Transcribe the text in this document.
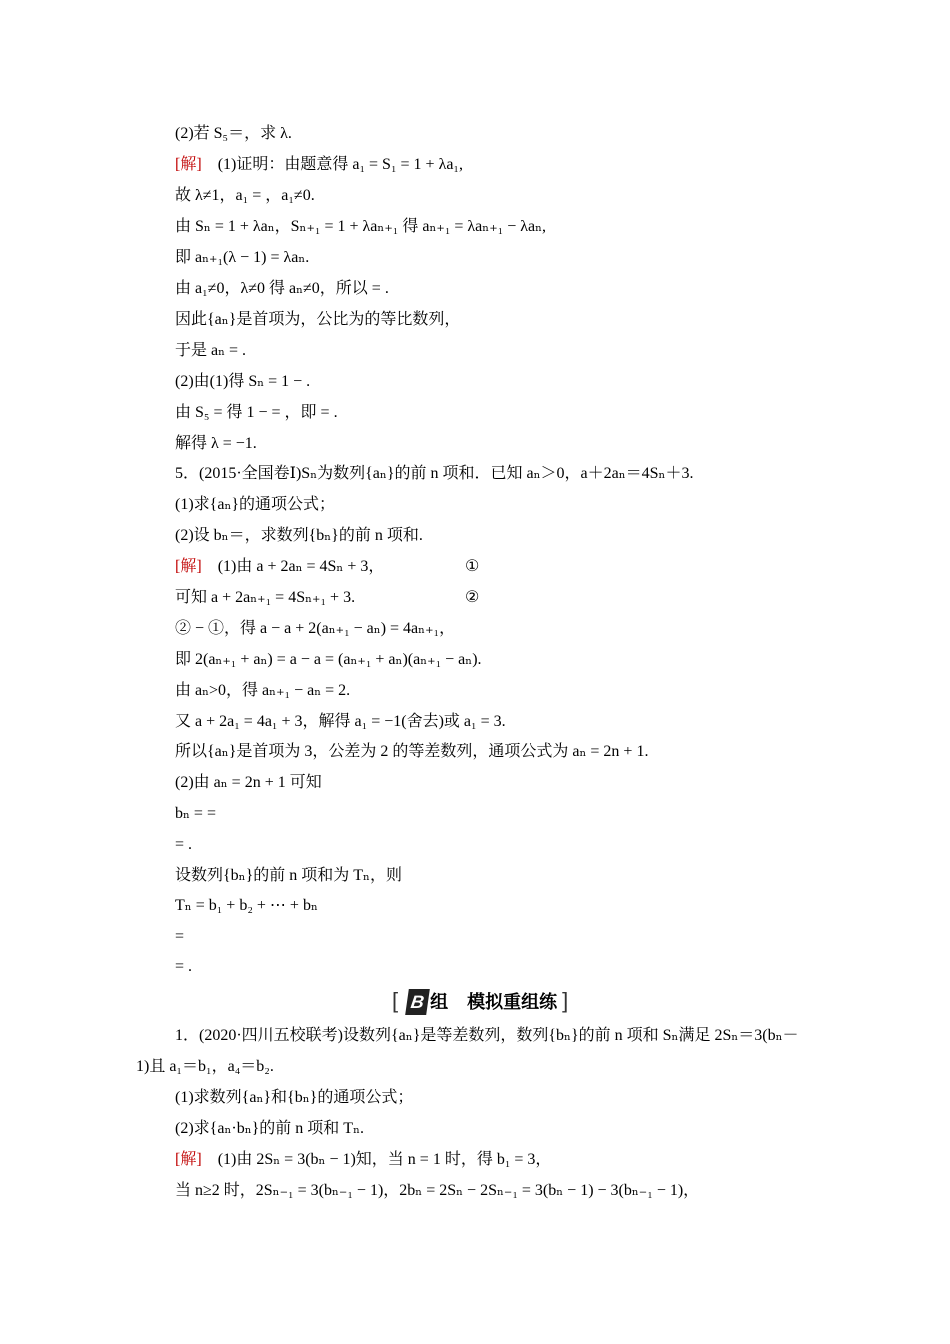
(2)若 S₅＝，求 λ.
[解]　 (1)证明：由题意得 a₁ = S₁ = 1 + λa₁,
故 λ≠1，a₁ = ，a₁≠0.
由 Sₙ = 1 + λaₙ，Sₙ₊₁ = 1 + λaₙ₊₁ 得 aₙ₊₁ = λaₙ₊₁ − λaₙ,
即 aₙ₊₁(λ − 1) = λaₙ.
由 a₁≠0，λ≠0 得 aₙ≠0，所以 = .
因此{aₙ}是首项为，公比为的等比数列，
于是 aₙ = .
(2)由(1)得 Sₙ = 1 − .
由 S₅ = 得 1 − = ，即 = .
解得 λ = −1.
5．(2015·全国卷Ⅰ)Sₙ为数列{aₙ}的前 n 项和．已知 aₙ＞0，a＋2aₙ＝4Sₙ＋3.
(1)求{aₙ}的通项公式；
(2)设 bₙ＝，求数列{bₙ}的前 n 项和.
[解]　 (1)由 a + 2aₙ = 4Sₙ + 3，	①
可知 a + 2aₙ₊₁ = 4Sₙ₊₁ + 3.	②
② − ①，得 a − a + 2(aₙ₊₁ − aₙ) = 4aₙ₊₁，
即 2(aₙ₊₁ + aₙ) = a − a = (aₙ₊₁ + aₙ)(aₙ₊₁ − aₙ).
由 aₙ>0，得 aₙ₊₁ − aₙ = 2.
又 a + 2a₁ = 4a₁ + 3，解得 a₁ = −1(舍去)或 a₁ = 3.
所以{aₙ}是首项为 3，公差为 2 的等差数列，通项公式为 aₙ = 2n + 1.
(2)由 aₙ = 2n + 1 可知
bₙ = =
= .
设数列{bₙ}的前 n 项和为 Tₙ，则
Tₙ = b₁ + b₂ + ⋯ + bₙ
=
= .
[ B 组 模拟重组练 ]
1．(2020·四川五校联考)设数列{aₙ}是等差数列，数列{bₙ}的前 n 项和 Sₙ满足 2Sₙ＝3(bₙ－
1)且 a₁＝b₁，a₄＝b₂.
(1)求数列{aₙ}和{bₙ}的通项公式；
(2)求{aₙ·bₙ}的前 n 项和 Tₙ.
[解]　 (1)由 2Sₙ = 3(bₙ − 1)知，当 n = 1 时，得 b₁ = 3，
当 n≥2 时，2Sₙ₋₁ = 3(bₙ₋₁ − 1)，2bₙ = 2Sₙ − 2Sₙ₋₁ = 3(bₙ − 1) − 3(bₙ₋₁ − 1)，
